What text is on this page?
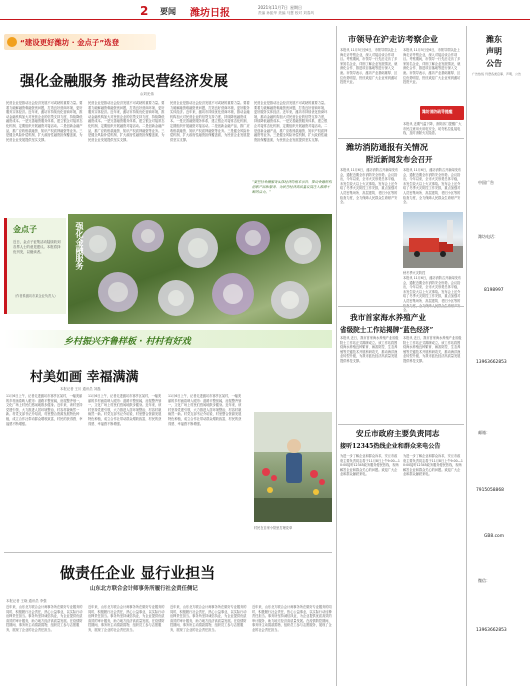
2 要闻 潍坊日报
2021年11月7日 星期日
责编 孙振华 美编 马慧 校对 刘春风
“建设更好潍坊 · 金点子”选登
强化金融服务 推动民营经济发展
◎刘光伟
民营企业是推动社会经济发展不可或缺的重要力量。要着力破解融资难融资贵问题，打造良好营商环境，更好服务实体经济。近年来，潍坊市持续优化营商环境，推动金融机构加大对民营企业的信贷支持力度，持续降低融资成本。一是完善融资服务体系，建立银企对接常态化机制，定期组织开展融资对接活动。二是创新金融产品，推广应收账款融资、知识产权质押融资等业务。三是健全风险补偿机制，扩大政府性融资担保覆盖面，为民营企业发展提供坚实支撑。
民营企业是推动社会经济发展不可或缺的重要力量。要着力破解融资难融资贵问题，打造良好营商环境，更好服务实体经济。近年来，潍坊市持续优化营商环境，推动金融机构加大对民营企业的信贷支持力度，持续降低融资成本。一是完善融资服务体系，建立银企对接常态化机制，定期组织开展融资对接活动。二是创新金融产品，推广应收账款融资、知识产权质押融资等业务。三是健全风险补偿机制，扩大政府性融资担保覆盖面，为民营企业发展提供坚实支撑。
民营企业是推动社会经济发展不可或缺的重要力量。要着力破解融资难融资贵问题，打造良好营商环境，更好服务实体经济。近年来，潍坊市持续优化营商环境，推动金融机构加大对民营企业的信贷支持力度，持续降低融资成本。一是完善融资服务体系，建立银企对接常态化机制，定期组织开展融资对接活动。二是创新金融产品，推广应收账款融资、知识产权质押融资等业务。三是健全风险补偿机制，扩大政府性融资担保覆盖面，为民营企业发展提供坚实支撑。
民营企业是推动社会经济发展不可或缺的重要力量。要着力破解融资难融资贵问题，打造良好营商环境，更好服务实体经济。近年来，潍坊市持续优化营商环境，推动金融机构加大对民营企业的信贷支持力度，持续降低融资成本。一是完善融资服务体系，建立银企对接常态化机制，定期组织开展融资对接活动。二是创新金融产品，推广应收账款融资、知识产权质押融资等业务。三是健全风险补偿机制，扩大政府性融资担保覆盖面，为民营企业发展提供坚实支撑。
“要坚持金融服务实体经济的根本宗旨，推动金融机构创新产品和服务，为民营经济高质量发展注入源源不断的活力。”
金点子
近日，金点子征集活动陆续收到各界人士的意见建议。本报将择优刊发，以飨读者。
（作者系潍坊市某企业负责人）
强化金融服务
乡村振兴齐鲁样板 · 村村有好戏
村美如画 幸福满满
本报记者 王川 通讯员 刘磊
11月6日上午，记者走进潍坊市寒亭区某村，一幅美丽的乡村画卷映入眼帘：道路平整宽阔，房屋整齐划一，文化广场上村民们悠闲地散步健身。近年来，该村坚持党建引领，大力推进人居环境整治，村容村貌焕然一新。村党支部书记介绍说，村里整合资源发展特色种植，成立合作社带动群众增收致富，村民的获得感、幸福感不断增强。
11月6日上午，记者走进潍坊市寒亭区某村，一幅美丽的乡村画卷映入眼帘：道路平整宽阔，房屋整齐划一，文化广场上村民们悠闲地散步健身。近年来，该村坚持党建引领，大力推进人居环境整治，村容村貌焕然一新。村党支部书记介绍说，村里整合资源发展特色种植，成立合作社带动群众增收致富，村民的获得感、幸福感不断增强。
11月6日上午，记者走进潍坊市寒亭区某村，一幅美丽的乡村画卷映入眼帘：道路平整宽阔，房屋整齐划一，文化广场上村民们悠闲地散步健身。近年来，该村坚持党建引领，大力推进人居环境整治，村容村貌焕然一新。村党支部书记介绍说，村里整合资源发展特色种植，成立合作社带动群众增收致富，村民的获得感、幸福感不断增强。
村民在自家小院里打理花草
做责任企业 显行业担当
山东北方联合会计师事务所履行社会责任侧记
本报记者 王晓 通讯员 李强
近年来，山东北方联合会计师事务所在做好专业服务的同时，积极履行社会责任，热心公益事业，以实际行动诠释责任担当。事务所坚持诚信执业，为企业提供优质高效的审计服务，助力地方经济高质量发展。在疫情防控期间，事务所主动捐款捐物，组织员工参与志愿服务，展现了企业的社会责任担当。
近年来，山东北方联合会计师事务所在做好专业服务的同时，积极履行社会责任，热心公益事业，以实际行动诠释责任担当。事务所坚持诚信执业，为企业提供优质高效的审计服务，助力地方经济高质量发展。在疫情防控期间，事务所主动捐款捐物，组织员工参与志愿服务，展现了企业的社会责任担当。
近年来，山东北方联合会计师事务所在做好专业服务的同时，积极履行社会责任，热心公益事业，以实际行动诠释责任担当。事务所坚持诚信执业，为企业提供优质高效的审计服务，助力地方经济高质量发展。在疫情防控期间，事务所主动捐款捐物，组织员工参与志愿服务，展现了企业的社会责任担当。
近年来，山东北方联合会计师事务所在做好专业服务的同时，积极履行社会责任，热心公益事业，以实际行动诠释责任担当。事务所坚持诚信执业，为企业提供优质高效的审计服务，助力地方经济高质量发展。在疫情防控期间，事务所主动捐款捐物，组织员工参与志愿服务，展现了企业的社会责任担当。
市领导在沪走访考察企业
本报讯 11月5日至6日，市领导带队赴上海走访考察企业，深入对接洽谈合作项目。考察期间，市领导一行先后走访了多家知名企业，详细了解企业发展情况，就深化合作、推进项目落地等进行深入交流。市领导表示，潍坊产业基础雄厚、区位优势明显，热忱欢迎广大企业家到潍坊投资兴业。
本报讯 11月5日至6日，市领导带队赴上海走访考察企业，深入对接洽谈合作项目。考察期间，市领导一行先后走访了多家知名企业，详细了解企业发展情况，就深化合作、推进项目落地等进行深入交流。市领导表示，潍坊产业基础雄厚、区位优势明显，热忱欢迎广大企业家到潍坊投资兴业。
潍坊消防疏导提醒
本报讯 近期气温下降，消防部门提醒广大市民注意用火用电安全，切勿私拉乱接电线，及时消除火灾隐患。
潍坊消防通报有关情况
附近新闻发布会召开
本报讯 11月6日，潍坊消防召开新闻发布会，通报近期全市消防安全形势。会议指出，今年以来，全市火灾形势总体平稳，未发生较大以上火灾事故。发布会上还介绍了冬季火灾防控工作安排，重点加强对人员密集场所、高层建筑、老旧小区等的检查力度，全力保障人民群众生命财产安全。
本报讯 11月6日，潍坊消防召开新闻发布会，通报近期全市消防安全形势。会议指出，今年以来，全市火灾形势总体平稳，未发生较大以上火灾事故。发布会上还介绍了冬季火灾防控工作安排，重点加强对人员密集场所、高层建筑、老旧小区等的检查力度，全力保障人民群众生命财产安全。
秋冬季火灾防控
本报讯 11月6日，潍坊消防召开新闻发布会，通报近期全市消防安全形势。会议指出，今年以来，全市火灾形势总体平稳，未发生较大以上火灾事故。发布会上还介绍了冬季火灾防控工作安排，重点加强对人员密集场所、高层建筑、老旧小区等的 全。
我市首家海水养殖产业
省级院士工作站揭牌“蓝色经济”
本报讯 近日，我市首家海水养殖产业省级院士工作站正式揭牌成立。该工作站将围绕海水养殖良种繁育、病害防控、生态养殖等关键技术开展科研攻关，推动海洋渔业转型升级，为我市蓝色经济高质量发展提供科技支撑。
本报讯 近日，我市首家海水养殖产业省级院士工作站正式揭牌成立。该工作站将围绕海水养殖良种繁育、病害防控、生态养殖等关键技术开展科研攻关，推动海洋渔业转型升级，为我市蓝色经济高质量发展提供科技支撑。
安丘市政府主要负责同志
接听12345热线企业和群众来电公告
为进一步了解企业和群众诉求，安丘市政府主要负责同志将于11月8日上午9:00—10:00接听12345政务服务便民热线，现场解答企业和群众关心的问题。欢迎广大企业和群众踊跃来电。
为进一步了解企业和群众诉求，安丘市政府主要负责同志将于11月8日上午9:00—10:00接听12345政务服务便民热线，现场解答企业和群众关心的问题。欢迎广大企业和群众踊跃来电。
潍东
声明
公告
广告热线 刊登各类启事、声明、公告
中国广告
潍坊电话：
8198997
13963662853
邮箱：
7915058868
GB8.com
微信：
13963662853
